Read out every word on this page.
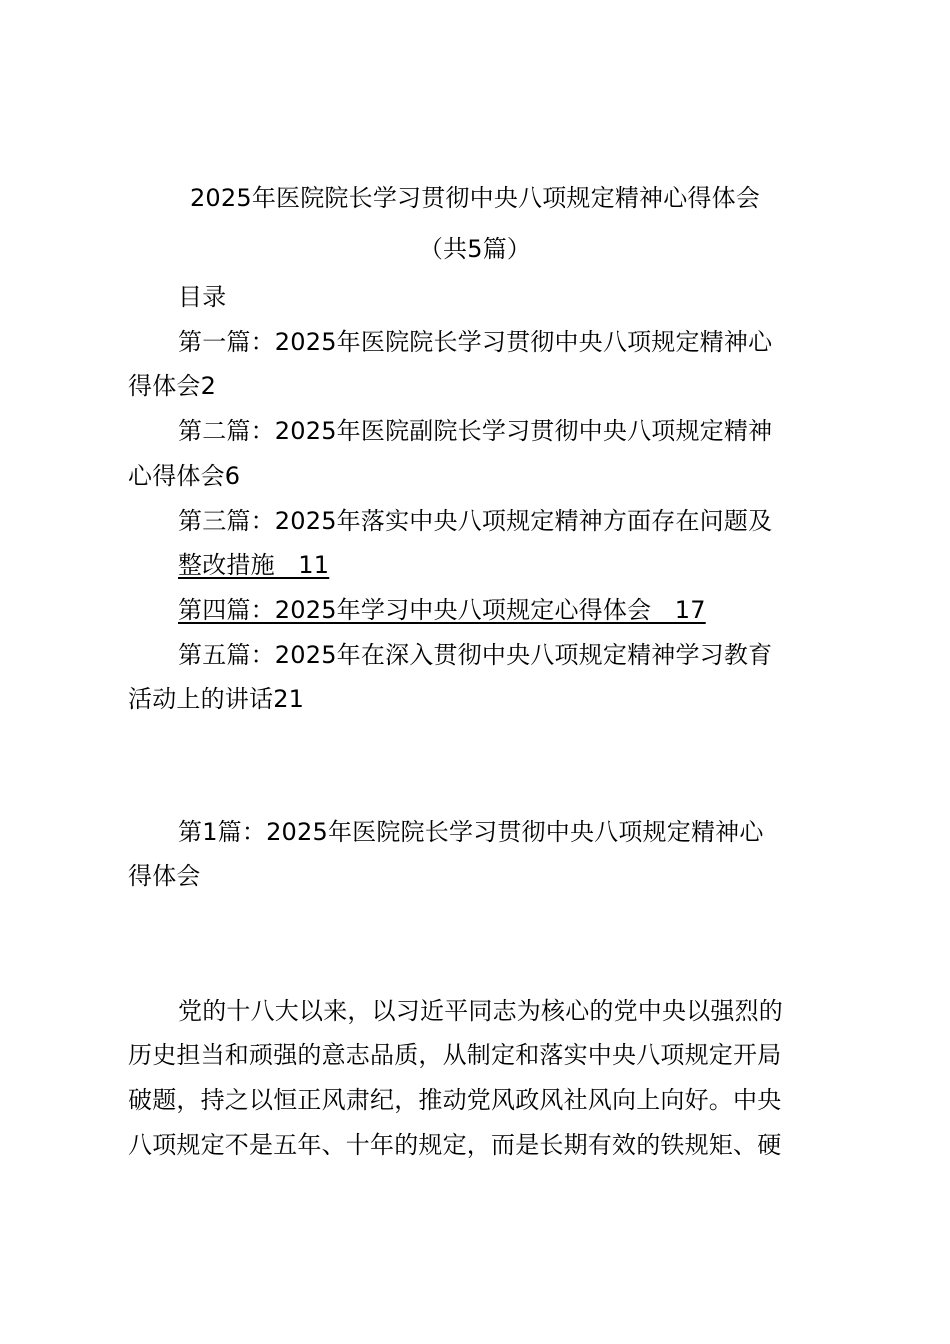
2025年医院院长学习贯彻中央八项规定精神心得体会
（共5篇）
目录
第一篇：2025年医院院长学习贯彻中央八项规定精神心
得体会2
第二篇：2025年医院副院长学习贯彻中央八项规定精神
心得体会6
第三篇：2025年落实中央八项规定精神方面存在问题及
整改措施   11
第四篇：2025年学习中央八项规定心得体会   17
第五篇：2025年在深入贯彻中央八项规定精神学习教育
活动上的讲话21
第1篇：2025年医院院长学习贯彻中央八项规定精神心
得体会
党的十八大以来，以习近平同志为核心的党中央以强烈的
历史担当和顽强的意志品质，从制定和落实中央八项规定开局
破题，持之以恒正风肃纪，推动党风政风社风向上向好。中央
八项规定不是五年、十年的规定，而是长期有效的铁规矩、硬
